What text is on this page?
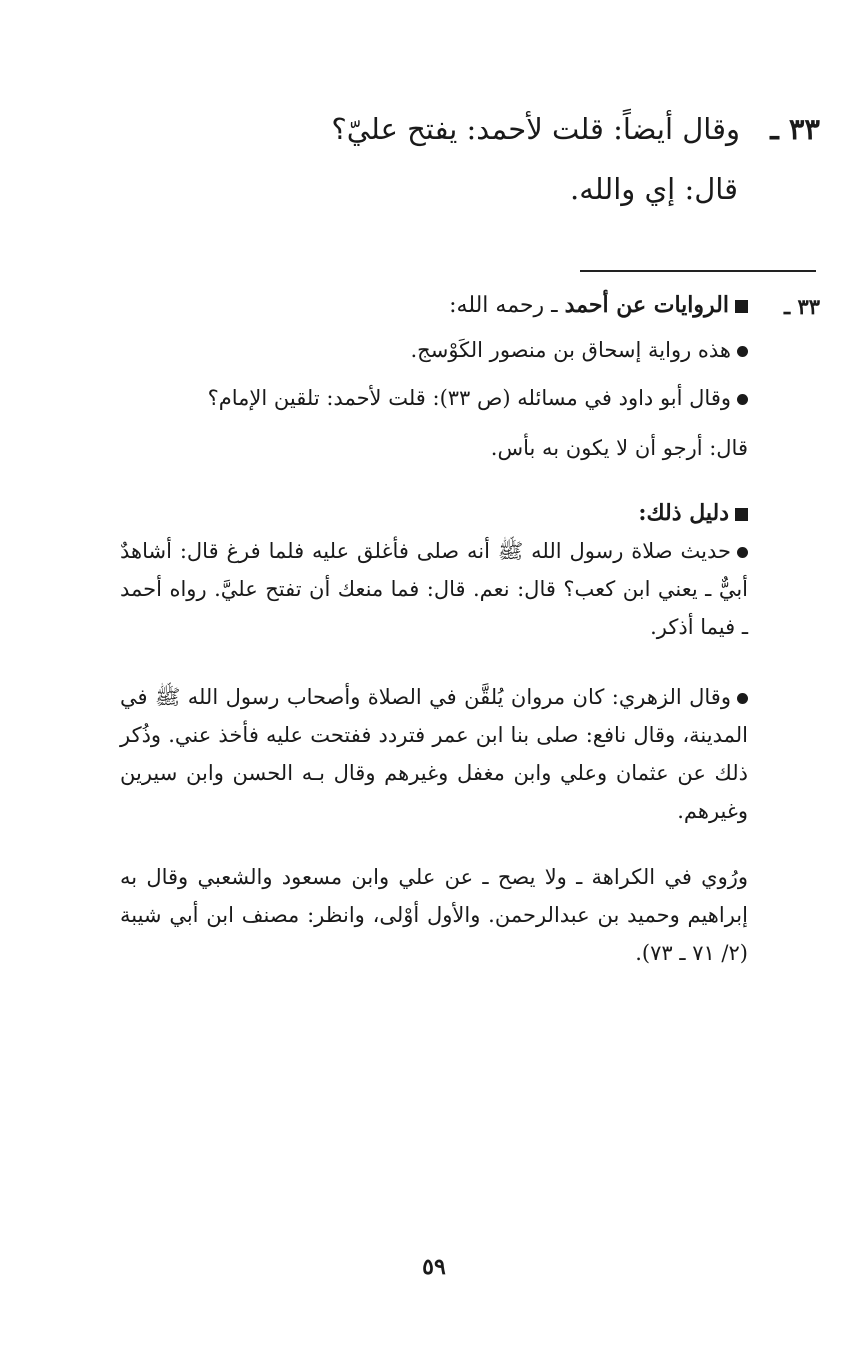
٣٣ ـ
وقال أيضاً: قلت لأحمد: يفتح عليّ؟
قال: إي والله.
٣٣ ـ
الروايات عن أحمد ـ رحمه الله:
هذه رواية إسحاق بن منصور الكَوْسج.
وقال أبو داود في مسائله (ص ٣٣): قلت لأحمد: تلقين الإمام؟
قال: أرجو أن لا يكون به بأس.
دليل ذلك:
حديث صلاة رسول الله ﷺ أنه صلى فأغلق عليه فلما فرغ قال: أشاهدٌ أبيٌّ ـ يعني ابن كعب؟ قال: نعم. قال: فما منعك أن تفتح عليَّ. رواه أحمد ـ فيما أذكر.
وقال الزهري: كان مروان يُلقَّن في الصلاة وأصحاب رسول الله ﷺ في المدينة، وقال نافع: صلى بنا ابن عمر فتردد ففتحت عليه فأخذ عني. وذُكر ذلك عن عثمان وعلي وابن مغفل وغيرهم وقال بـه الحسن وابن سيرين وغيرهم.
ورُوي في الكراهة ـ ولا يصح ـ عن علي وابن مسعود والشعبي وقال به إبراهيم وحميد بن عبدالرحمن. والأول أوْلى، وانظر: مصنف ابن أبي شيبة (٢/ ٧١ ـ ٧٣).
٥٩
